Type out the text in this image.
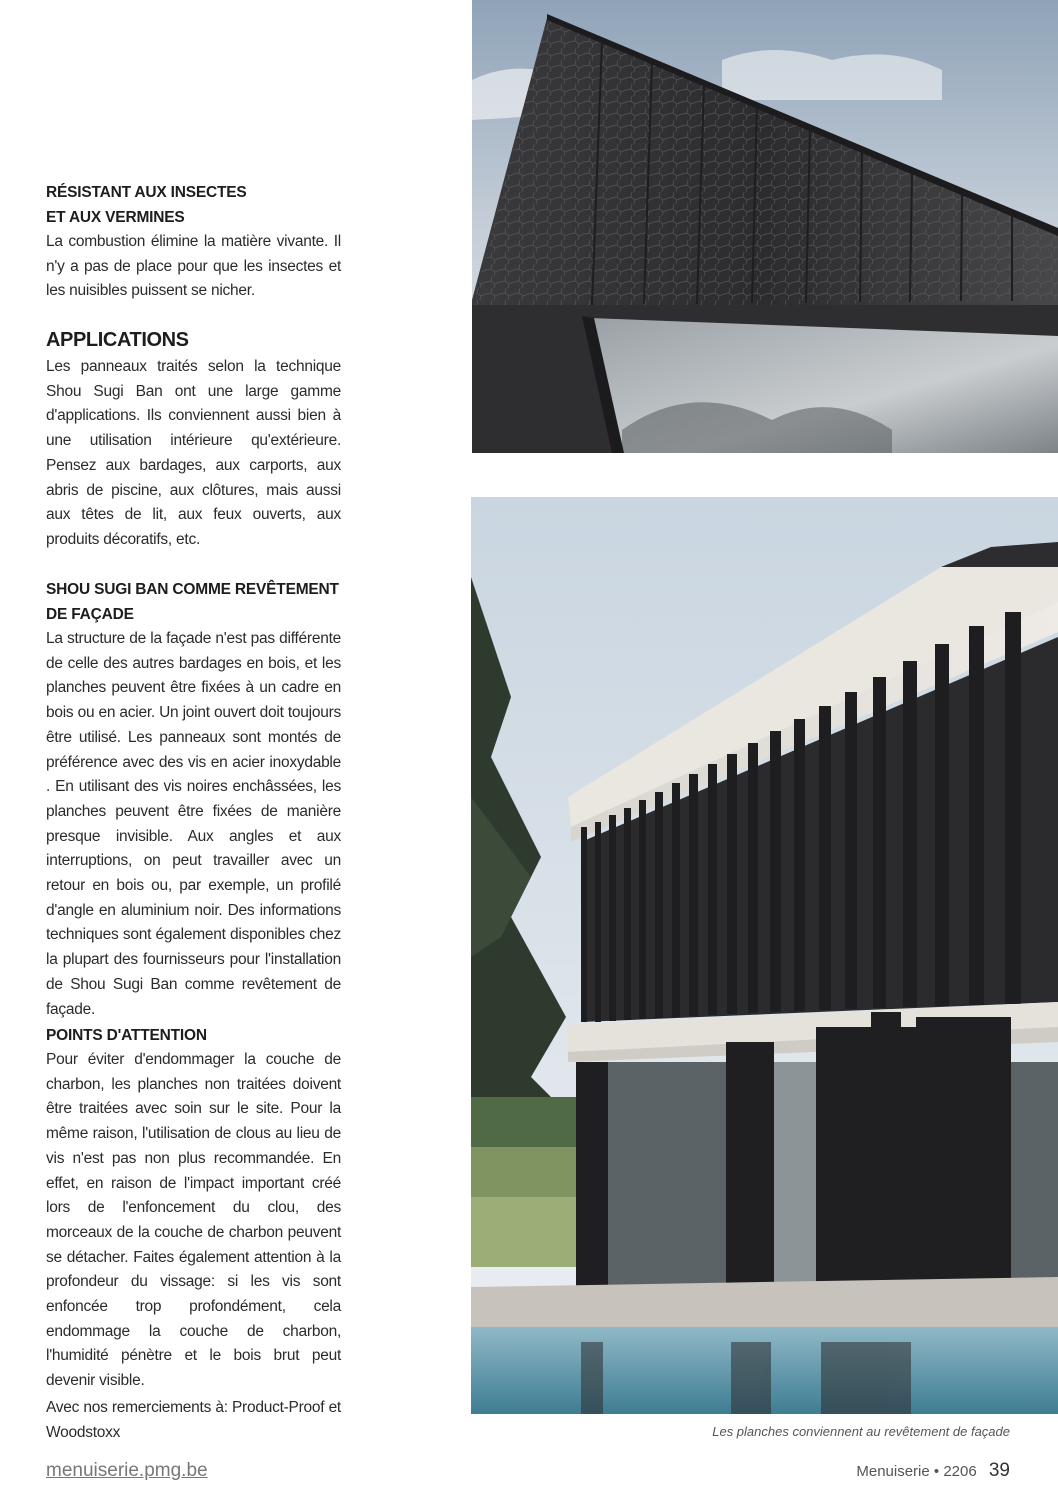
RÉSISTANT AUX INSECTES

ET AUX VERMINES

La combustion élimine la matière vivante. Il n'y a pas de place pour que les insectes et les nuisibles puissent se nicher.

APPLICATIONS

Les panneaux traités selon la technique Shou Sugi Ban ont une large gamme d'applications. Ils conviennent aussi bien à une utilisation intérieure qu'extérieure. Pensez aux bardages, aux carports, aux abris de piscine, aux clôtures, mais aussi aux têtes de lit, aux feux ouverts, aux produits décoratifs, etc.

SHOU SUGI BAN COMME REVÊTEMENT

DE FAÇADE

La structure de la façade n'est pas différente de celle des autres bardages en bois, et les planches peuvent être fixées à un cadre en bois ou en acier. Un joint ouvert doit toujours être utilisé. Les panneaux sont montés de préférence avec des vis en acier inoxydable . En utilisant des vis noires enchâssées, les planches peuvent être fixées de manière presque invisible. Aux angles et aux interruptions, on peut travailler avec un retour en bois ou, par exemple, un profilé d'angle en aluminium noir. Des informations techniques sont également disponibles chez la plupart des fournisseurs pour l'installation de Shou Sugi Ban comme revêtement de façade.

POINTS D'ATTENTION

Pour éviter d'endommager la couche de charbon, les planches non traitées doivent être traitées avec soin sur le site. Pour la même raison, l'utilisation de clous au lieu de vis n'est pas non plus recommandée. En effet, en raison de l'impact important créé lors de l'enfoncement du clou, des morceaux de la couche de charbon peuvent se détacher. Faites également attention à la profondeur du vissage: si les vis sont enfoncée trop profondément, cela endommage la couche de charbon, l'humidité pénètre et le bois brut peut devenir visible.

Avec nos remerciements à: Product-Proof et Woodstoxx	Les planches conviennent au revêtement de façade
menuiserie.pmg.be	Menuiserie • 2206 39
